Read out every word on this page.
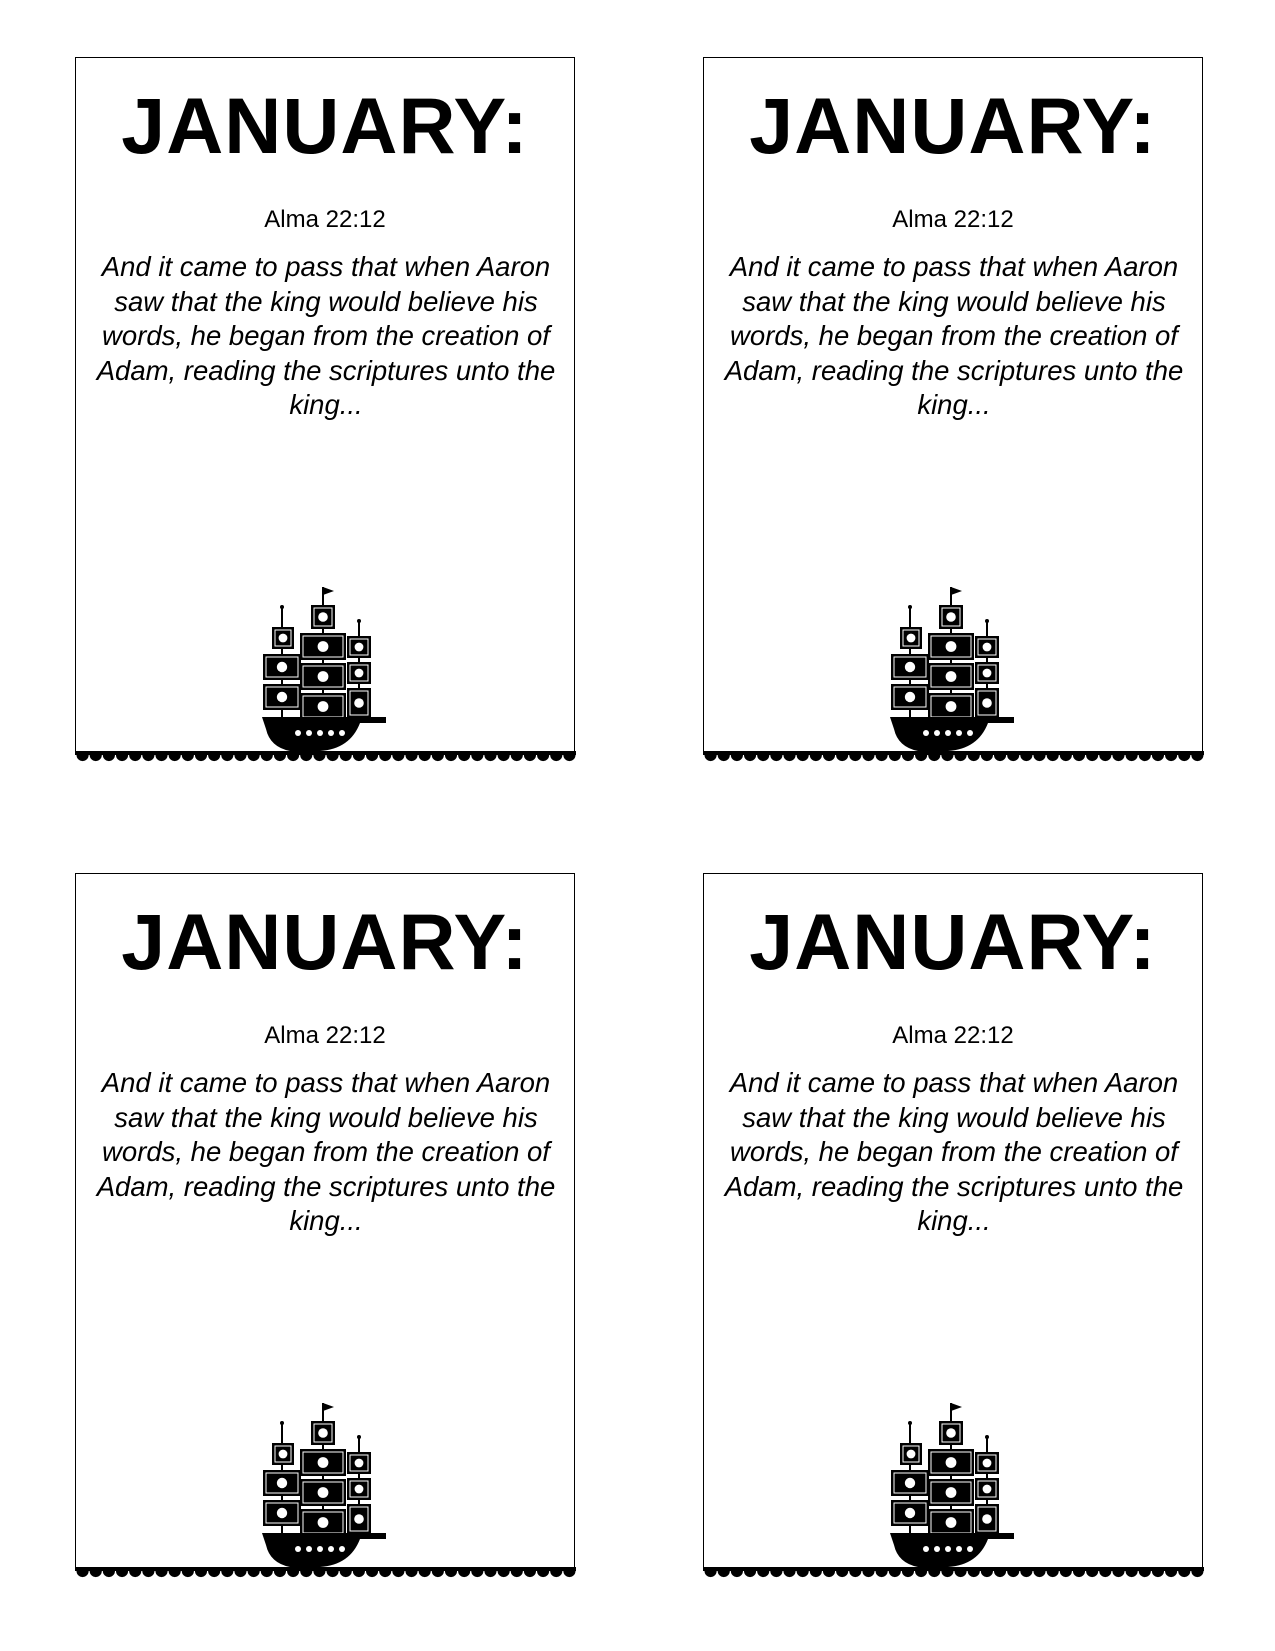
JANUARY:
Alma 22:12
And it came to pass that when Aaron saw that the king would believe his words, he began from the creation of Adam, reading the scriptures unto the king...
JANUARY:
Alma 22:12
And it came to pass that when Aaron saw that the king would believe his words, he began from the creation of Adam, reading the scriptures unto the king...
JANUARY:
Alma 22:12
And it came to pass that when Aaron saw that the king would believe his words, he began from the creation of Adam, reading the scriptures unto the king...
JANUARY:
Alma 22:12
And it came to pass that when Aaron saw that the king would believe his words, he began from the creation of Adam, reading the scriptures unto the king...
